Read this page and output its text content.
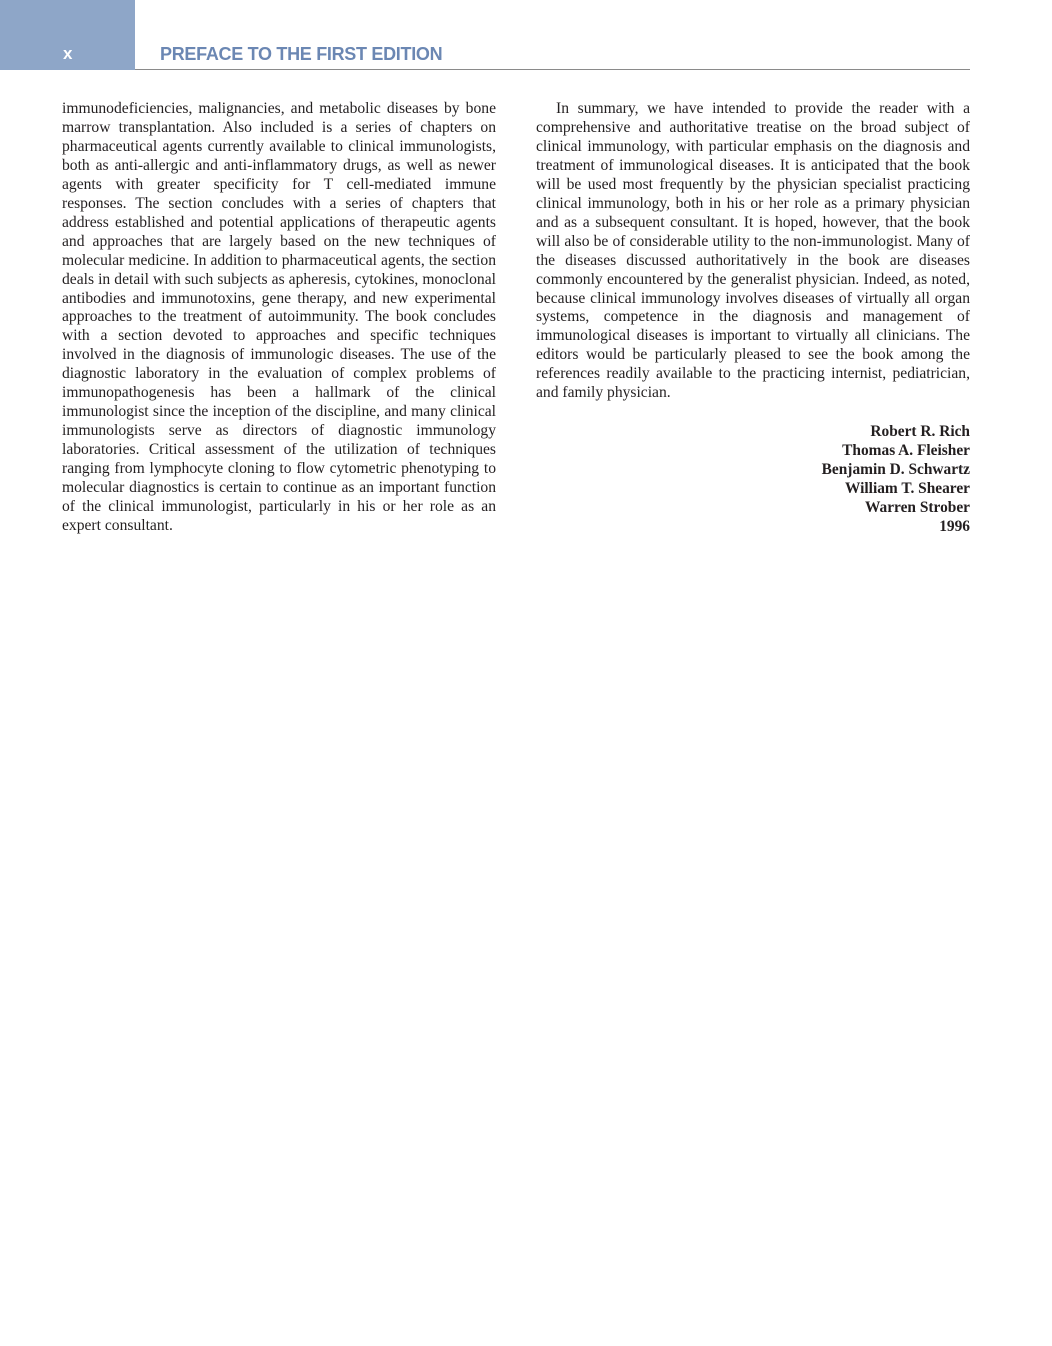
x	PREFACE TO THE FIRST EDITION

immunodeficiencies, malignancies, and metabolic diseases by bone marrow transplantation. Also included is a series of chapters on pharmaceutical agents currently available to clinical immunologists, both as anti-allergic and anti-inflammatory drugs, as well as newer agents with greater specificity for T cell-mediated immune responses. The section concludes with a series of chapters that address established and potential applications of therapeutic agents and approaches that are largely based on the new techniques of molecular medicine. In addition to pharmaceutical agents, the section deals in detail with such subjects as apheresis, cytokines, monoclonal antibodies and immunotoxins, gene therapy, and new experimental approaches to the treatment of autoimmunity. The book concludes with a section devoted to approaches and specific techniques involved in the diagnosis of immunologic diseases. The use of the diagnostic laboratory in the evaluation of complex problems of immunopathogenesis has been a hallmark of the clinical immunologist since the inception of the discipline, and many clinical immunologists serve as directors of diagnostic immunology laboratories. Critical assessment of the utilization of techniques ranging from lymphocyte cloning to flow cytometric phenotyping to molecular diagnostics is certain to continue as an important function of the clinical immunologist, particularly in his or her role as an expert consultant.

In summary, we have intended to provide the reader with a comprehensive and authoritative treatise on the broad subject of clinical immunology, with particular emphasis on the diagnosis and treatment of immunological diseases. It is anticipated that the book will be used most frequently by the physician specialist practicing clinical immunology, both in his or her role as a primary physician and as a subsequent consultant. It is hoped, however, that the book will also be of considerable utility to the non-immunologist. Many of the diseases discussed authoritatively in the book are diseases commonly encountered by the generalist physician. Indeed, as noted, because clinical immunology involves diseases of virtually all organ systems, competence in the diagnosis and management of immunological diseases is important to virtually all clinicians. The editors would be particularly pleased to see the book among the references readily available to the practicing internist, pediatrician, and family physician.

Robert R. Rich
Thomas A. Fleisher
Benjamin D. Schwartz
William T. Shearer
Warren Strober
1996
